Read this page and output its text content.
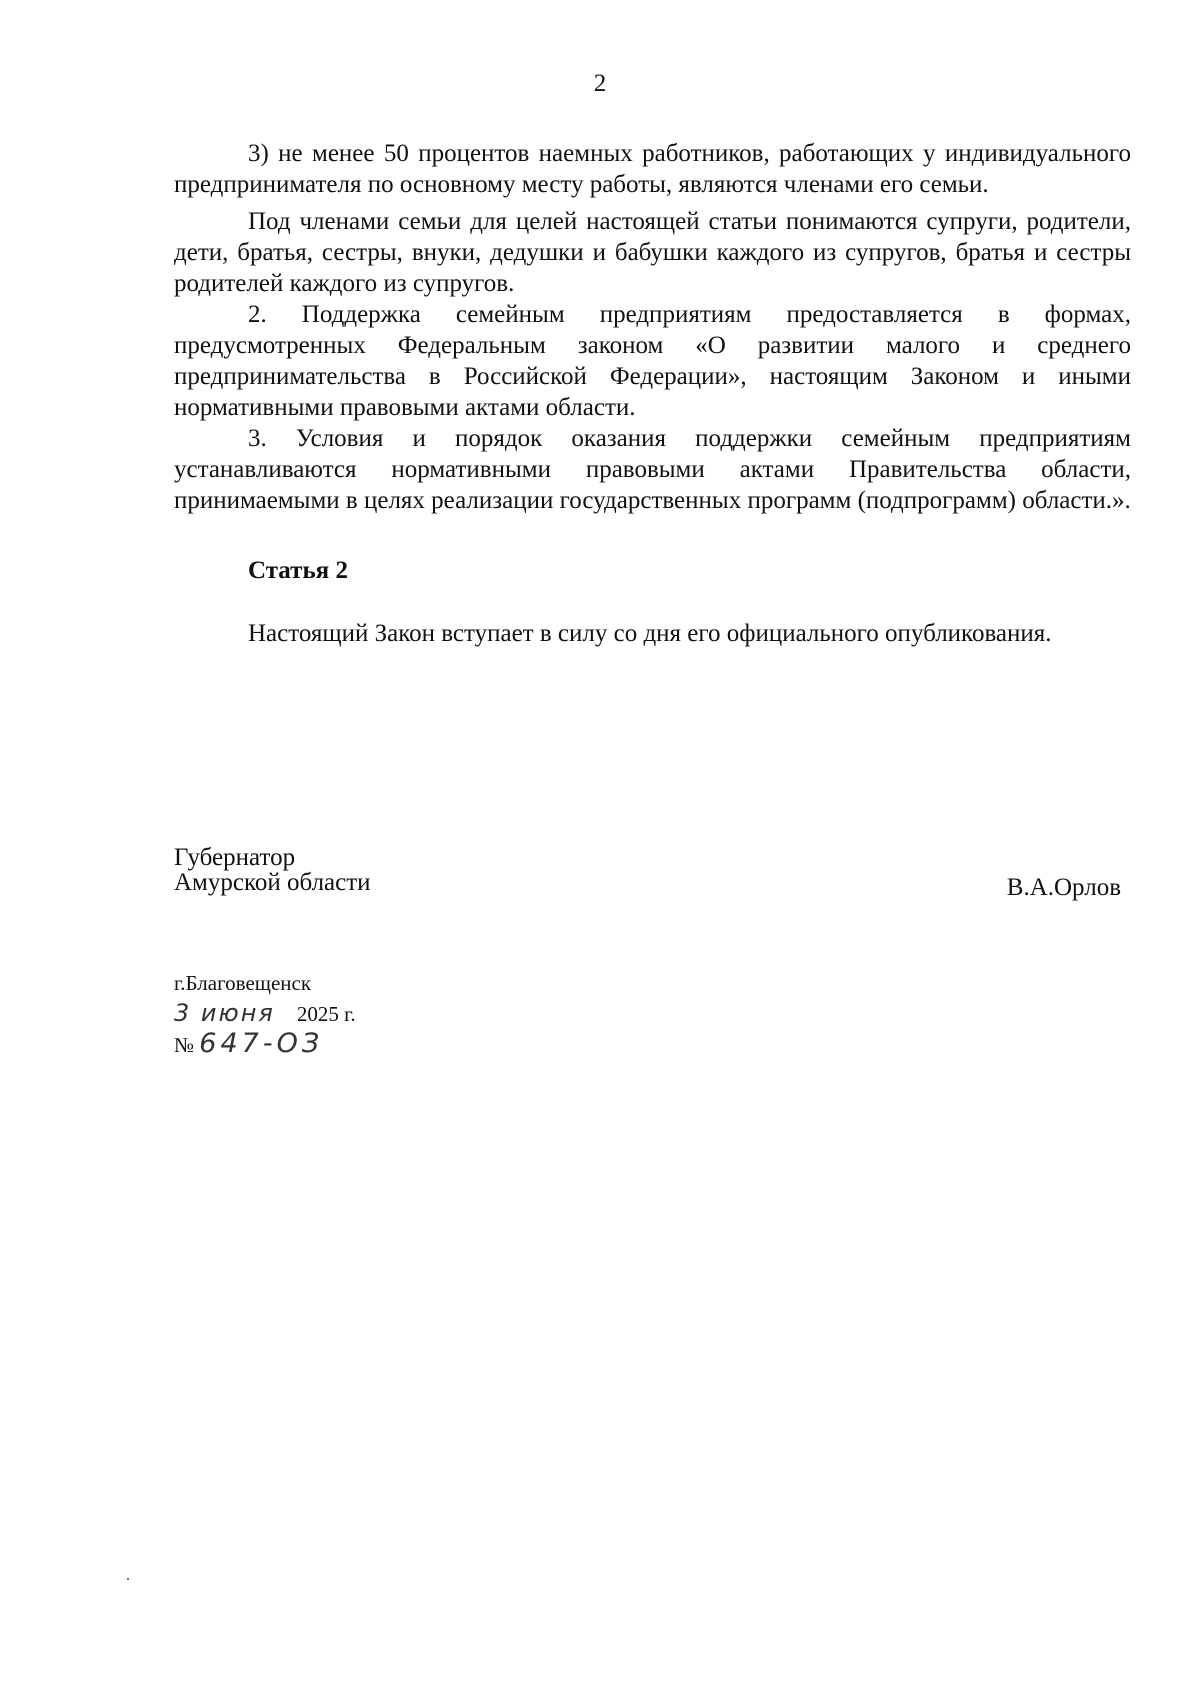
2

3) не менее 50 процентов наемных работников, работающих у индивидуального предпринимателя по основному месту работы, являются членами его семьи.

Под членами семьи для целей настоящей статьи понимаются супруги, родители, дети, братья, сестры, внуки, дедушки и бабушки каждого из супругов, братья и сестры родителей каждого из супругов.

2. Поддержка семейным предприятиям предоставляется в формах, предусмотренных Федеральным законом «О развитии малого и среднего предпринимательства в Российской Федерации», настоящим Законом и иными нормативными правовыми актами области.

3. Условия и порядок оказания поддержки семейным предприятиям устанавливаются нормативными правовыми актами Правительства области, принимаемыми в целях реализации государственных программ (подпрограмм) области.».

Статья 2

Настоящий Закон вступает в силу со дня его официального опубликования.

Губернатор
Амурской области	В.А.Орлов
г.Благовещенск
3 июня 2025 г.
№ 647-ОЗ
